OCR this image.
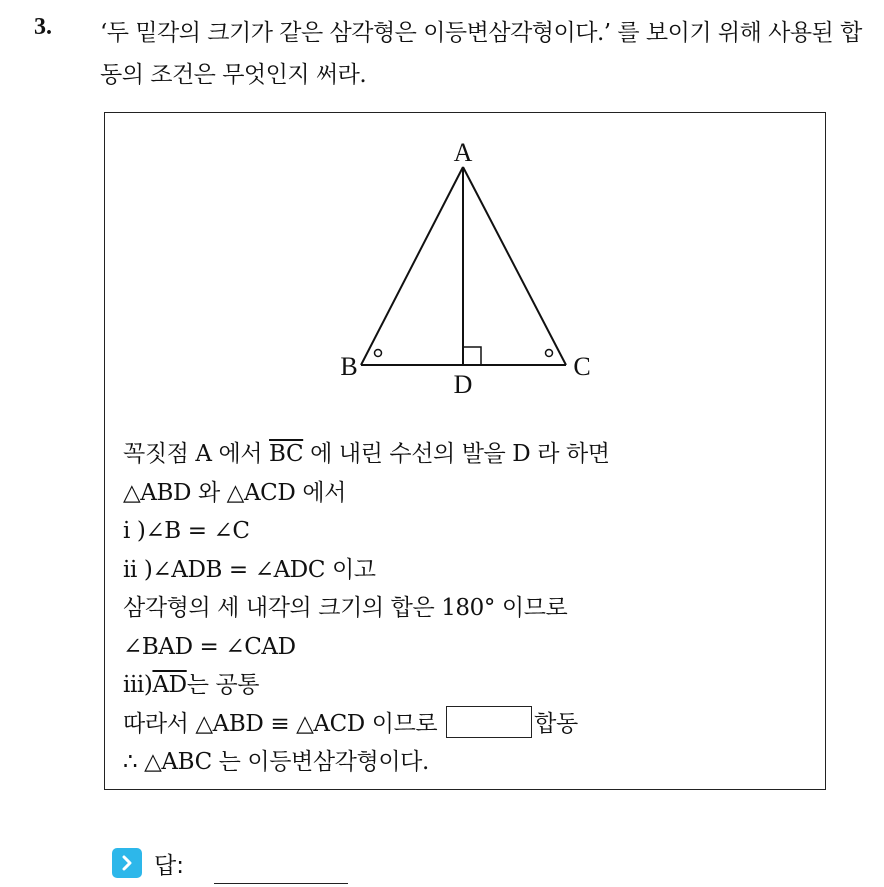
3. ‘두 밑각의 크기가 같은 삼각형은 이등변삼각형이다.’ 를 보이기 위해 사용된 합동의 조건은 무엇인지 써라.
A
B	C
D
꼭짓점 A 에서 $\overline{BC}$ 에 내린 수선의 발을 D 라 하면
△ABD 와 △ACD 에서
i )∠B = ∠C
ii )∠ADB = ∠ADC 이고
삼각형의 세 내각의 크기의 합은 180° 이므로
∠BAD = ∠CAD
$iii)\overline{AD}$는 공통
따라서 △ABD ≡ △ACD 이므로	합동
∴ △ABC 는 이등변삼각형이다.
답:
